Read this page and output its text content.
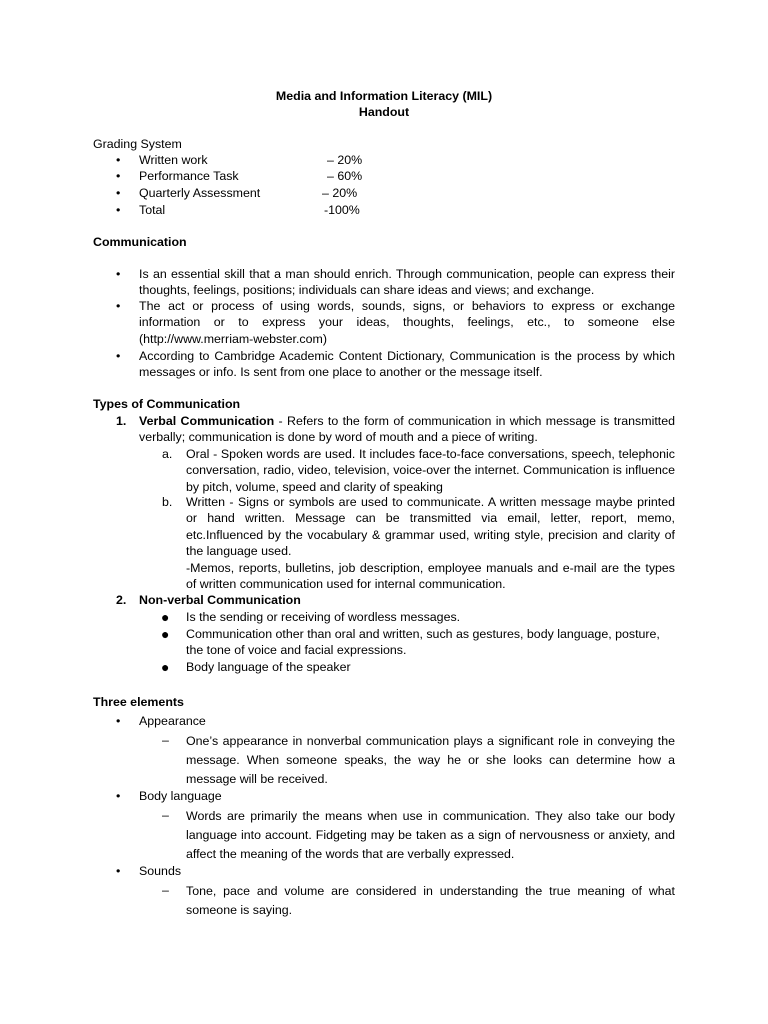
Media and Information Literacy (MIL)
Handout
Grading System
• Written work	– 20%
• Performance Task	– 60%
• Quarterly Assessment	– 20%
• Total	-100%
Communication
• Is an essential skill that a man should enrich. Through communication, people can express their thoughts, feelings, positions; individuals can share ideas and views; and exchange.
• The act or process of using words, sounds, signs, or behaviors to express or exchange information or to express your ideas, thoughts, feelings, etc., to someone else (http://www.merriam-webster.com)
• According to Cambridge Academic Content Dictionary, Communication is the process by which messages or info. Is sent from one place to another or the message itself.
Types of Communication
1. Verbal Communication - Refers to the form of communication in which message is transmitted verbally; communication is done by word of mouth and a piece of writing.
a. Oral - Spoken words are used. It includes face-to-face conversations, speech, telephonic conversation, radio, video, television, voice-over the internet. Communication is influence by pitch, volume, speed and clarity of speaking
b. Written - Signs or symbols are used to communicate. A written message maybe printed or hand written. Message can be transmitted via email, letter, report, memo, etc.Influenced by the vocabulary & grammar used, writing style, precision and clarity of the language used.
-Memos, reports, bulletins, job description, employee manuals and e-mail are the types of written communication used for internal communication.
2. Non-verbal Communication
● Is the sending or receiving of wordless messages.
● Communication other than oral and written, such as gestures, body language, posture, the tone of voice and facial expressions.
● Body language of the speaker
Three elements
• Appearance
– One’s appearance in nonverbal communication plays a significant role in conveying the message. When someone speaks, the way he or she looks can determine how a message will be received.
• Body language
– Words are primarily the means when use in communication. They also take our body language into account. Fidgeting may be taken as a sign of nervousness or anxiety, and affect the meaning of the words that are verbally expressed.
• Sounds
– Tone, pace and volume are considered in understanding the true meaning of what someone is saying.
